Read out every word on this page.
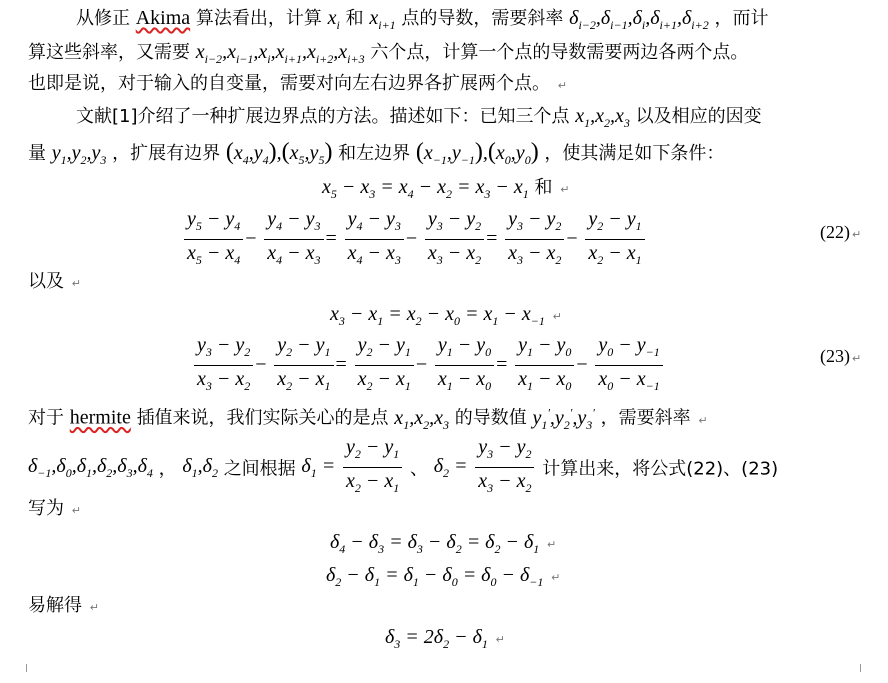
从修正 Akima 算法看出，计算 $x_i$ 和 $x_{i+1}$ 点的导数，需要斜率 $\delta_{i-2},\delta_{i-1},\delta_i,\delta_{i+1},\delta_{i+2}$ ，而计
算这些斜率，又需要 $x_{i-2},x_{i-1},x_i,x_{i+1},x_{i+2},x_{i+3}$ 六个点，计算一个点的导数需要两边各两个点。
也即是说，对于输入的自变量，需要对向左右边界各扩展两个点。 ↵
文献[1]介绍了一种扩展边界点的方法。描述如下：已知三个点 $x_1,x_2,x_3$ 以及相应的因变
量 $y_1,y_2,y_3$ ，扩展有边界 $(x_4,y_4),(x_5,y_5)$ 和左边界 $(x_{-1},y_{-1}),(x_0,y_0)$ ，使其满足如下条件：
$x_5 - x_3 = x_4 - x_2 = x_3 - x_1$ 和 ↵
$\frac{y_5 - y_4}{x_5 - x_4} - \frac{y_4 - y_3}{x_4 - x_3} = \frac{y_4 - y_3}{x_4 - x_3} - \frac{y_3 - y_2}{x_3 - x_2} = \frac{y_3 - y_2}{x_3 - x_2} - \frac{y_2 - y_1}{x_2 - x_1}$	(22) ↵
以及 ↵
$x_3 - x_1 = x_2 - x_0 = x_1 - x_{-1}$ ↵
$\frac{y_3 - y_2}{x_3 - x_2} - \frac{y_2 - y_1}{x_2 - x_1} = \frac{y_2 - y_1}{x_2 - x_1} - \frac{y_1 - y_0}{x_1 - x_0} = \frac{y_1 - y_0}{x_1 - x_0} - \frac{y_0 - y_{-1}}{x_0 - x_{-1}}$	(23) ↵
对于 hermite 插值来说，我们实际关心的是点 $x_1,x_2,x_3$ 的导数值 $y_1',y_2',y_3'$ ，需要斜率 ↵
$\delta_{-1},\delta_0,\delta_1,\delta_2,\delta_3,\delta_4$ ， $\delta_1,\delta_2$ 之间根据 $\delta_1 = \frac{y_2 - y_1}{x_2 - x_1}$ 、 $\delta_2 = \frac{y_3 - y_2}{x_3 - x_2}$ 计算出来，将公式(22)、(23)
写为 ↵
$\delta_4 - \delta_3 = \delta_3 - \delta_2 = \delta_2 - \delta_1$ ↵
$\delta_2 - \delta_1 = \delta_1 - \delta_0 = \delta_0 - \delta_{-1}$ ↵
易解得 ↵
$\delta_3 = 2\delta_2 - \delta_1$ ↵
